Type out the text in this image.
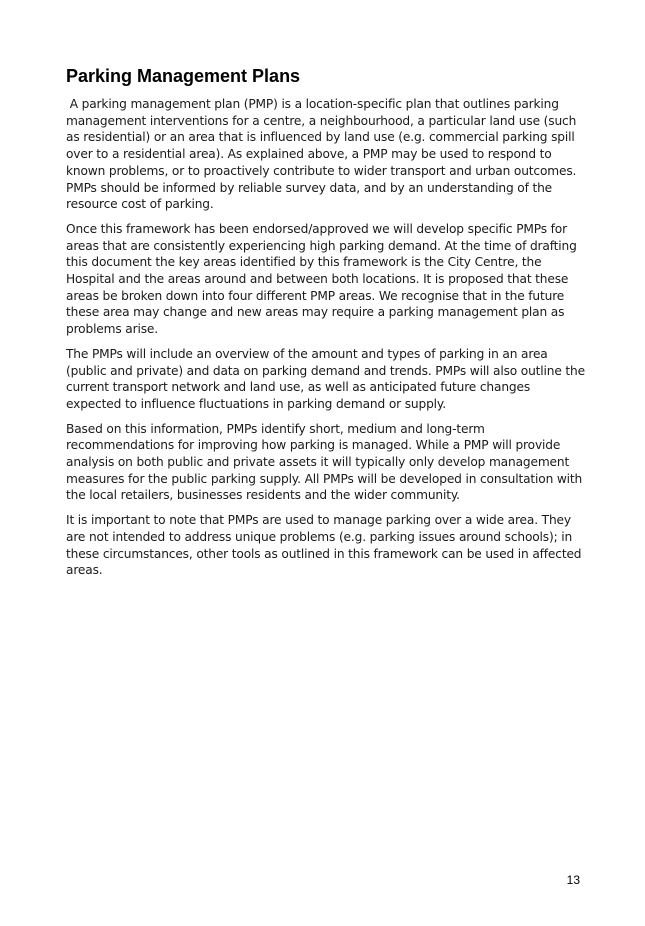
Parking Management Plans

A parking management plan (PMP) is a location-specific plan that outlines parking management interventions for a centre, a neighbourhood, a particular land use (such as residential) or an area that is influenced by land use (e.g. commercial parking spill over to a residential area). As explained above, a PMP may be used to respond to known problems, or to proactively contribute to wider transport and urban outcomes. PMPs should be informed by reliable survey data, and by an understanding of the resource cost of parking.

Once this framework has been endorsed/approved we will develop specific PMPs for areas that are consistently experiencing high parking demand. At the time of drafting this document the key areas identified by this framework is the City Centre, the Hospital and the areas around and between both locations. It is proposed that these areas be broken down into four different PMP areas. We recognise that in the future these area may change and new areas may require a parking management plan as problems arise.

The PMPs will include an overview of the amount and types of parking in an area (public and private) and data on parking demand and trends. PMPs will also outline the current transport network and land use, as well as anticipated future changes expected to influence fluctuations in parking demand or supply.

Based on this information, PMPs identify short, medium and long-term recommendations for improving how parking is managed. While a PMP will provide analysis on both public and private assets it will typically only develop management measures for the public parking supply. All PMPs will be developed in consultation with the local retailers, businesses residents and the wider community.

It is important to note that PMPs are used to manage parking over a wide area. They are not intended to address unique problems (e.g. parking issues around schools); in these circumstances, other tools as outlined in this framework can be used in affected areas.

13
